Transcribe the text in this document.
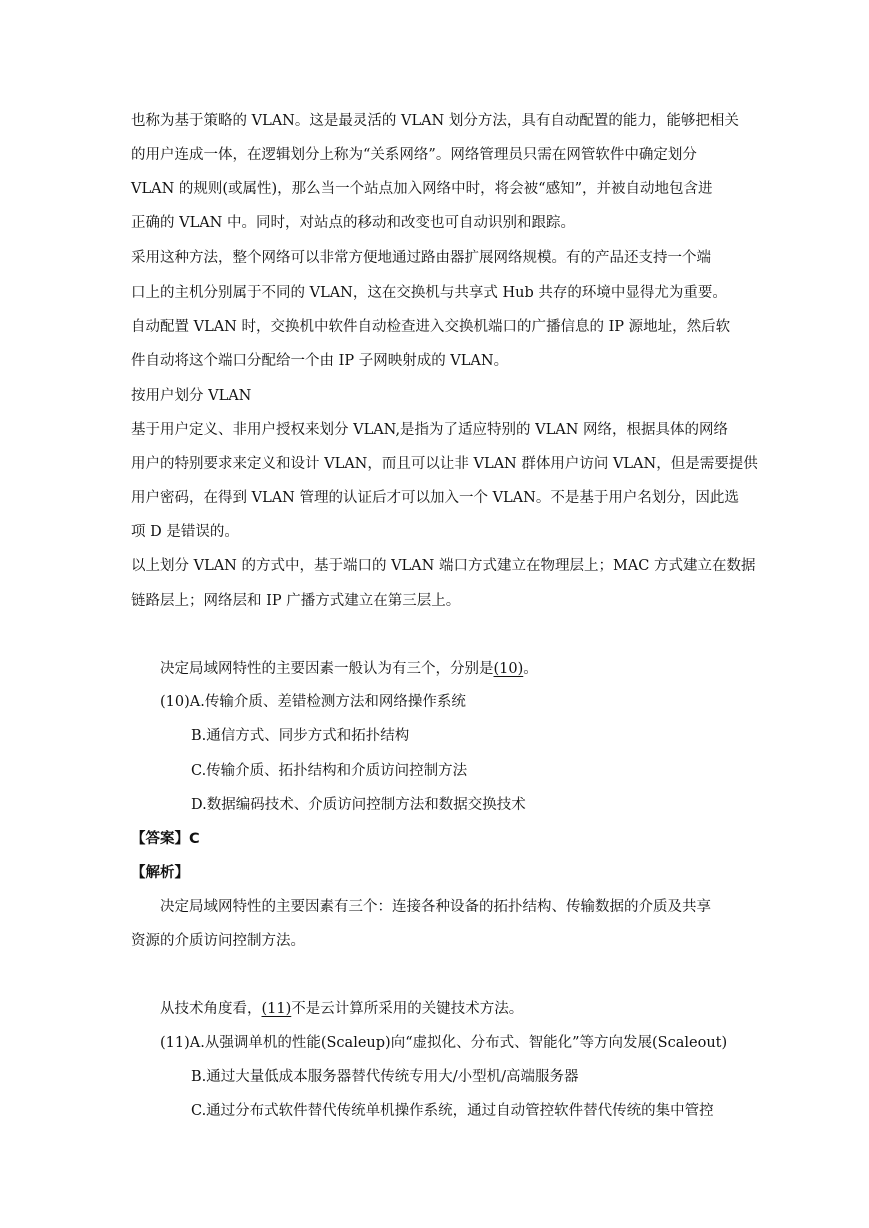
也称为基于策略的 VLAN。这是最灵活的 VLAN 划分方法，具有自动配置的能力，能够把相关
的用户连成一体，在逻辑划分上称为“关系网络”。网络管理员只需在网管软件中确定划分
VLAN 的规则(或属性)，那么当一个站点加入网络中时，将会被“感知”，并被自动地包含进
正确的 VLAN 中。同时，对站点的移动和改变也可自动识别和跟踪。
采用这种方法，整个网络可以非常方便地通过路由器扩展网络规模。有的产品还支持一个端
口上的主机分别属于不同的 VLAN，这在交换机与共享式 Hub 共存的环境中显得尤为重要。
自动配置 VLAN 时，交换机中软件自动检查进入交换机端口的广播信息的 IP 源地址，然后软
件自动将这个端口分配给一个由 IP 子网映射成的 VLAN。
按用户划分 VLAN
基于用户定义、非用户授权来划分 VLAN,是指为了适应特别的 VLAN 网络，根据具体的网络
用户的特别要求来定义和设计 VLAN，而且可以让非 VLAN 群体用户访问 VLAN，但是需要提供
用户密码，在得到 VLAN 管理的认证后才可以加入一个 VLAN。不是基于用户名划分，因此选
项 D 是错误的。
以上划分 VLAN 的方式中，基于端口的 VLAN 端口方式建立在物理层上；MAC 方式建立在数据
链路层上；网络层和 IP 广播方式建立在第三层上。
决定局域网特性的主要因素一般认为有三个，分别是(10)。
(10)A.传输介质、差错检测方法和网络操作系统
B.通信方式、同步方式和拓扑结构
C.传输介质、拓扑结构和介质访问控制方法
D.数据编码技术、介质访问控制方法和数据交换技术
【答案】C
【解析】
决定局域网特性的主要因素有三个：连接各种设备的拓扑结构、传输数据的介质及共享
资源的介质访问控制方法。
从技术角度看，(11)不是云计算所采用的关键技术方法。
(11)A.从强调单机的性能(Scaleup)向“虚拟化、分布式、智能化”等方向发展(Scaleout)
B.通过大量低成本服务器替代传统专用大/小型机/高端服务器
C.通过分布式软件替代传统单机操作系统，通过自动管控软件替代传统的集中管控
